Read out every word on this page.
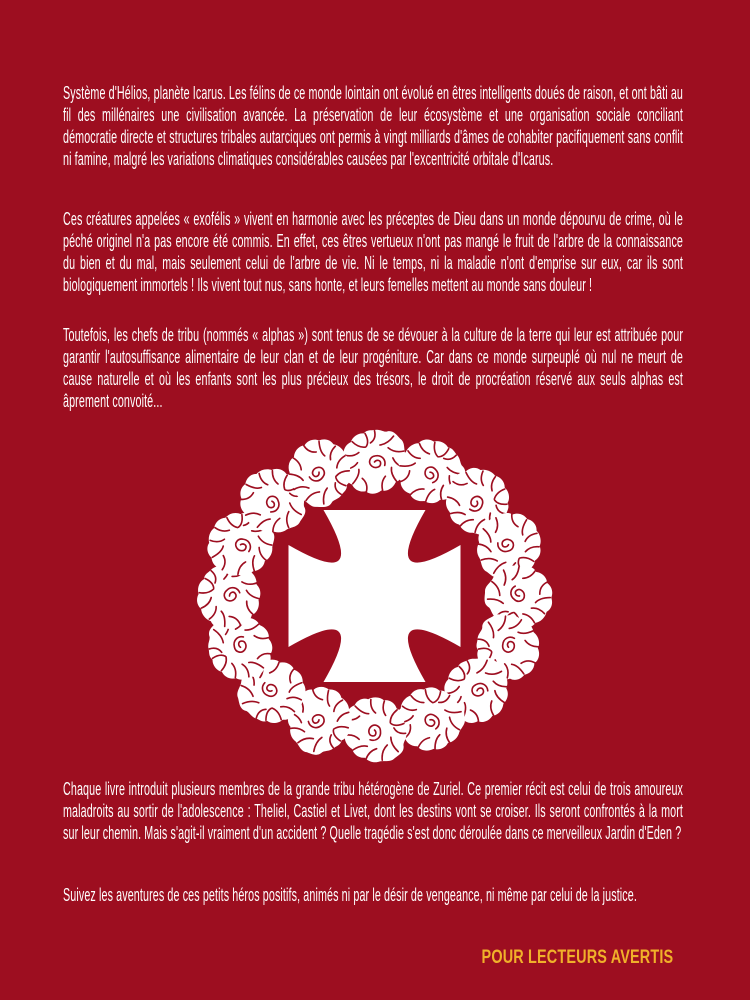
Système d'Hélios, planète Icarus. Les félins de ce monde lointain ont évolué en êtres intelligents doués de raison, et ont bâti au fil des millénaires une civilisation avancée. La préservation de leur écosystème et une organisation sociale conciliant démocratie directe et structures tribales autarciques ont permis à vingt milliards d'âmes de cohabiter pacifiquement sans conflit ni famine, malgré les variations climatiques considérables causées par l'excentricité orbitale d'Icarus.
Ces créatures appelées « exofélis » vivent en harmonie avec les préceptes de Dieu dans un monde dépourvu de crime, où le péché originel n'a pas encore été commis. En effet, ces êtres vertueux n'ont pas mangé le fruit de l'arbre de la connaissance du bien et du mal, mais seulement celui de l'arbre de vie. Ni le temps, ni la maladie n'ont d'emprise sur eux, car ils sont biologiquement immortels ! Ils vivent tout nus, sans honte, et leurs femelles mettent au monde sans douleur !
Toutefois, les chefs de tribu (nommés « alphas ») sont tenus de se dévouer à la culture de la terre qui leur est attribuée pour garantir l'autosuffisance alimentaire de leur clan et de leur progéniture. Car dans ce monde surpeuplé où nul ne meurt de cause naturelle et où les enfants sont les plus précieux des trésors, le droit de procréation réservé aux seuls alphas est âprement convoité...
Chaque livre introduit plusieurs membres de la grande tribu hétérogène de Zuriel. Ce premier récit est celui de trois amoureux maladroits au sortir de l'adolescence : Theliel, Castiel et Livet, dont les destins vont se croiser. Ils seront confrontés à la mort sur leur chemin. Mais s'agit-il vraiment d'un accident ? Quelle tragédie s'est donc déroulée dans ce merveilleux Jardin d'Eden ?
Suivez les aventures de ces petits héros positifs, animés ni par le désir de vengeance, ni même par celui de la justice.
POUR LECTEURS AVERTIS
